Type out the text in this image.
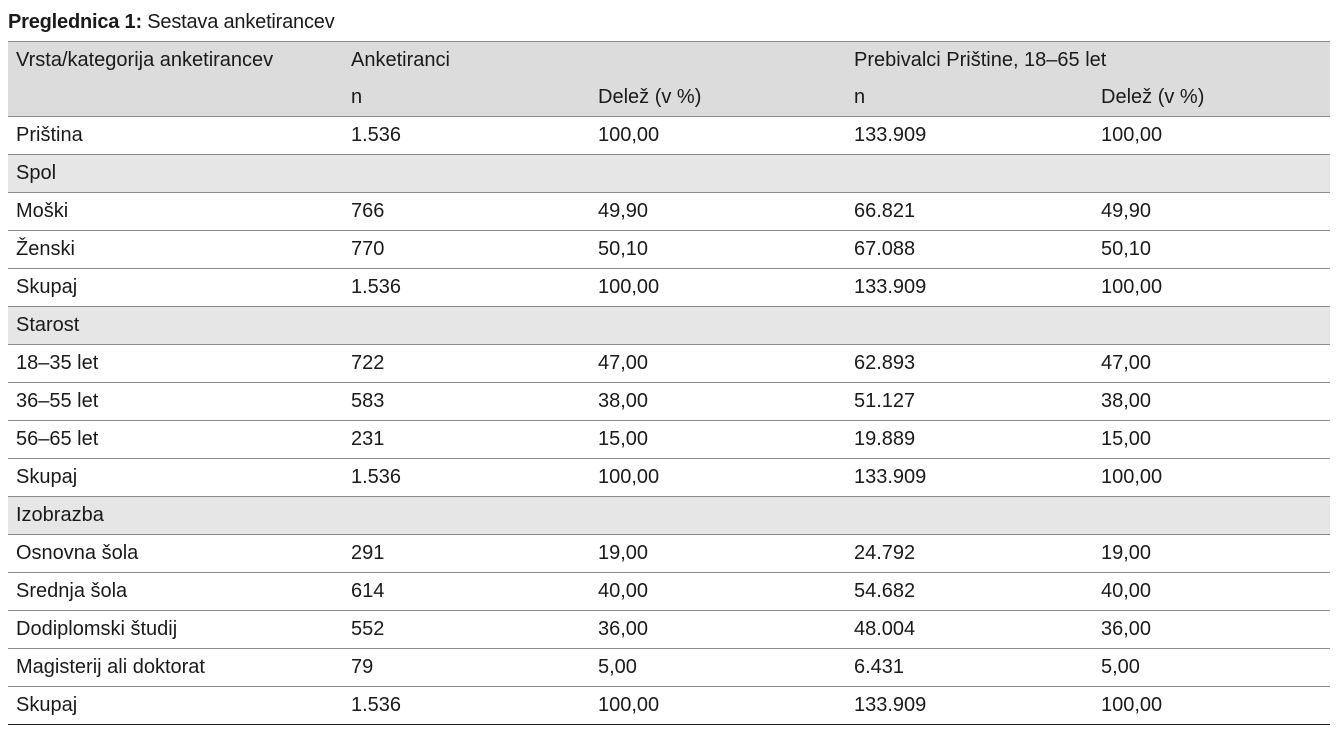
Preglednica 1: Sestava anketirancev
Vrsta/kategorija anketirancev	Anketiranci		Prebivalci Prištine, 18–65 let	
	n	Delež (v %)	n	Delež (v %)
Priština	1.536	100,00	133.909	100,00
Spol				
Moški	766	49,90	66.821	49,90
Ženski	770	50,10	67.088	50,10
Skupaj	1.536	100,00	133.909	100,00
Starost				
18–35 let	722	47,00	62.893	47,00
36–55 let	583	38,00	51.127	38,00
56–65 let	231	15,00	19.889	15,00
Skupaj	1.536	100,00	133.909	100,00
Izobrazba				
Osnovna šola	291	19,00	24.792	19,00
Srednja šola	614	40,00	54.682	40,00
Dodiplomski študij	552	36,00	48.004	36,00
Magisterij ali doktorat	79	5,00	6.431	5,00
Skupaj	1.536	100,00	133.909	100,00
